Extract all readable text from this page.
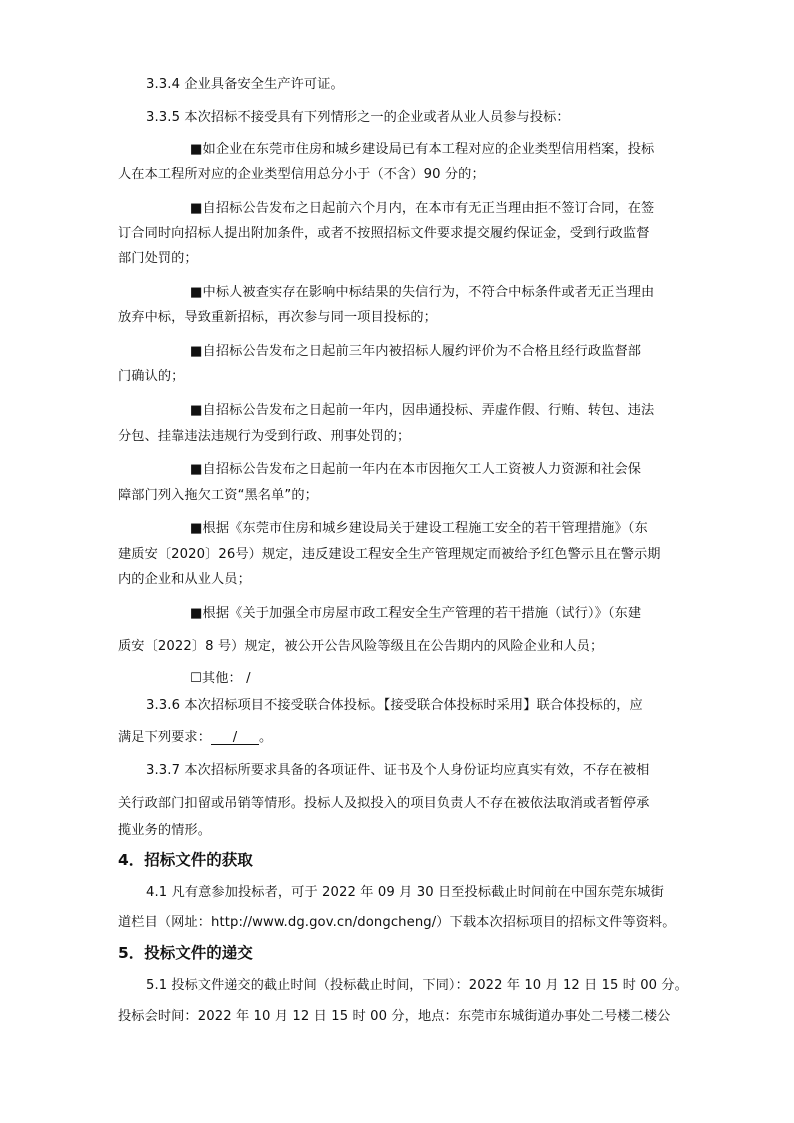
3.3.4 企业具备安全生产许可证。
3.3.5 本次招标不接受具有下列情形之一的企业或者从业人员参与投标：
■如企业在东莞市住房和城乡建设局已有本工程对应的企业类型信用档案，投标
人在本工程所对应的企业类型信用总分小于（不含）90 分的；
■自招标公告发布之日起前六个月内，在本市有无正当理由拒不签订合同，在签
订合同时向招标人提出附加条件，或者不按照招标文件要求提交履约保证金，受到行政监督
部门处罚的；
■中标人被查实存在影响中标结果的失信行为，不符合中标条件或者无正当理由
放弃中标，导致重新招标，再次参与同一项目投标的；
■自招标公告发布之日起前三年内被招标人履约评价为不合格且经行政监督部
门确认的；
■自招标公告发布之日起前一年内，因串通投标、弄虚作假、行贿、转包、违法
分包、挂靠违法违规行为受到行政、刑事处罚的；
■自招标公告发布之日起前一年内在本市因拖欠工人工资被人力资源和社会保
障部门列入拖欠工资“黑名单”的；
■根据《东莞市住房和城乡建设局关于建设工程施工安全的若干管理措施》（东
建质安〔2020〕26号）规定，违反建设工程安全生产管理规定而被给予红色警示且在警示期
内的企业和从业人员；
■根据《关于加强全市房屋市政工程安全生产管理的若干措施（试行）》（东建
质安〔2022〕8 号）规定，被公开公告风险等级且在公告期内的风险企业和人员；
☐其他： /
3.3.6 本次招标项目不接受联合体投标。【接受联合体投标时采用】联合体投标的，应
满足下列要求： / 。
3.3.7 本次招标所要求具备的各项证件、证书及个人身份证均应真实有效，不存在被相
关行政部门扣留或吊销等情形。投标人及拟投入的项目负责人不存在被依法取消或者暂停承
揽业务的情形。
4．招标文件的获取
4.1 凡有意参加投标者，可于 2022 年 09 月 30 日至投标截止时间前在中国东莞东城街
道栏目（网址：http://www.dg.gov.cn/dongcheng/）下载本次招标项目的招标文件等资料。
5．投标文件的递交
5.1 投标文件递交的截止时间（投标截止时间，下同）：2022 年 10 月 12 日 15 时 00 分。
投标会时间：2022 年 10 月 12 日 15 时 00 分，地点：东莞市东城街道办事处二号楼二楼公
